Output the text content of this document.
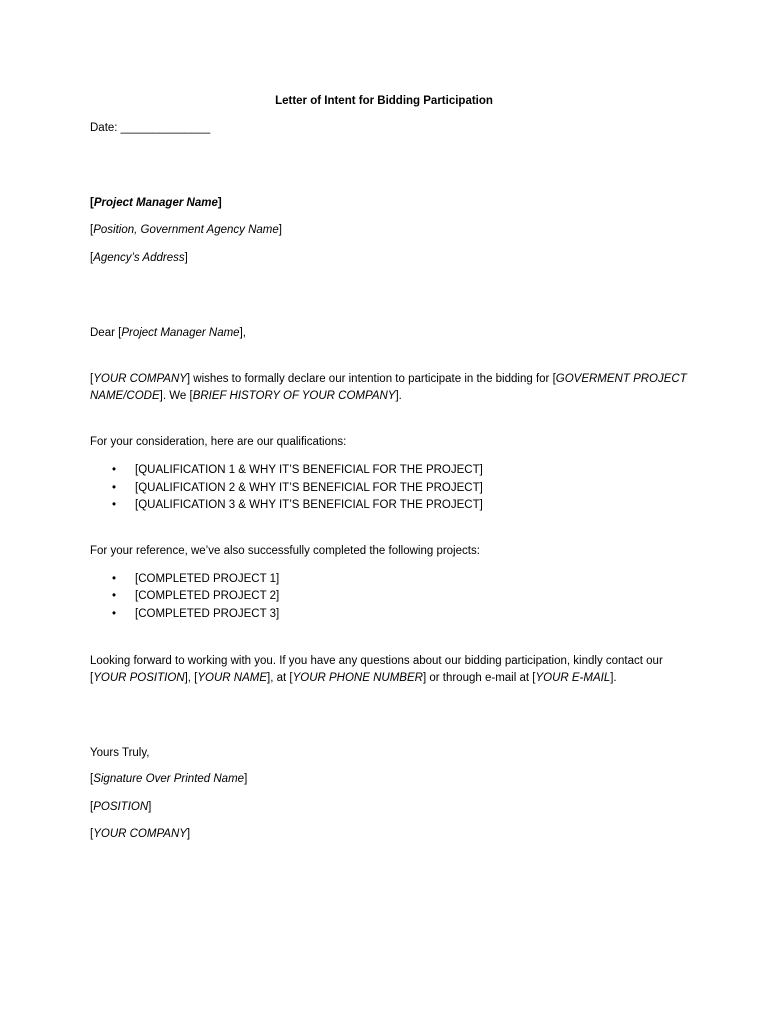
Letter of Intent for Bidding Participation
Date: ______________
[Project Manager Name]
[Position, Government Agency Name]
[Agency’s Address]
Dear [Project Manager Name],
[YOUR COMPANY] wishes to formally declare our intention to participate in the bidding for [GOVERMENT PROJECT
NAME/CODE]. We [BRIEF HISTORY OF YOUR COMPANY].
For your consideration, here are our qualifications:
• [QUALIFICATION 1 & WHY IT’S BENEFICIAL FOR THE PROJECT]
• [QUALIFICATION 2 & WHY IT’S BENEFICIAL FOR THE PROJECT]
• [QUALIFICATION 3 & WHY IT’S BENEFICIAL FOR THE PROJECT]
For your reference, we’ve also successfully completed the following projects:
• [COMPLETED PROJECT 1]
• [COMPLETED PROJECT 2]
• [COMPLETED PROJECT 3]
Looking forward to working with you. If you have any questions about our bidding participation, kindly contact our
[YOUR POSITION], [YOUR NAME], at [YOUR PHONE NUMBER] or through e-mail at [YOUR E-MAIL].
Yours Truly,
[Signature Over Printed Name]
[POSITION]
[YOUR COMPANY]
